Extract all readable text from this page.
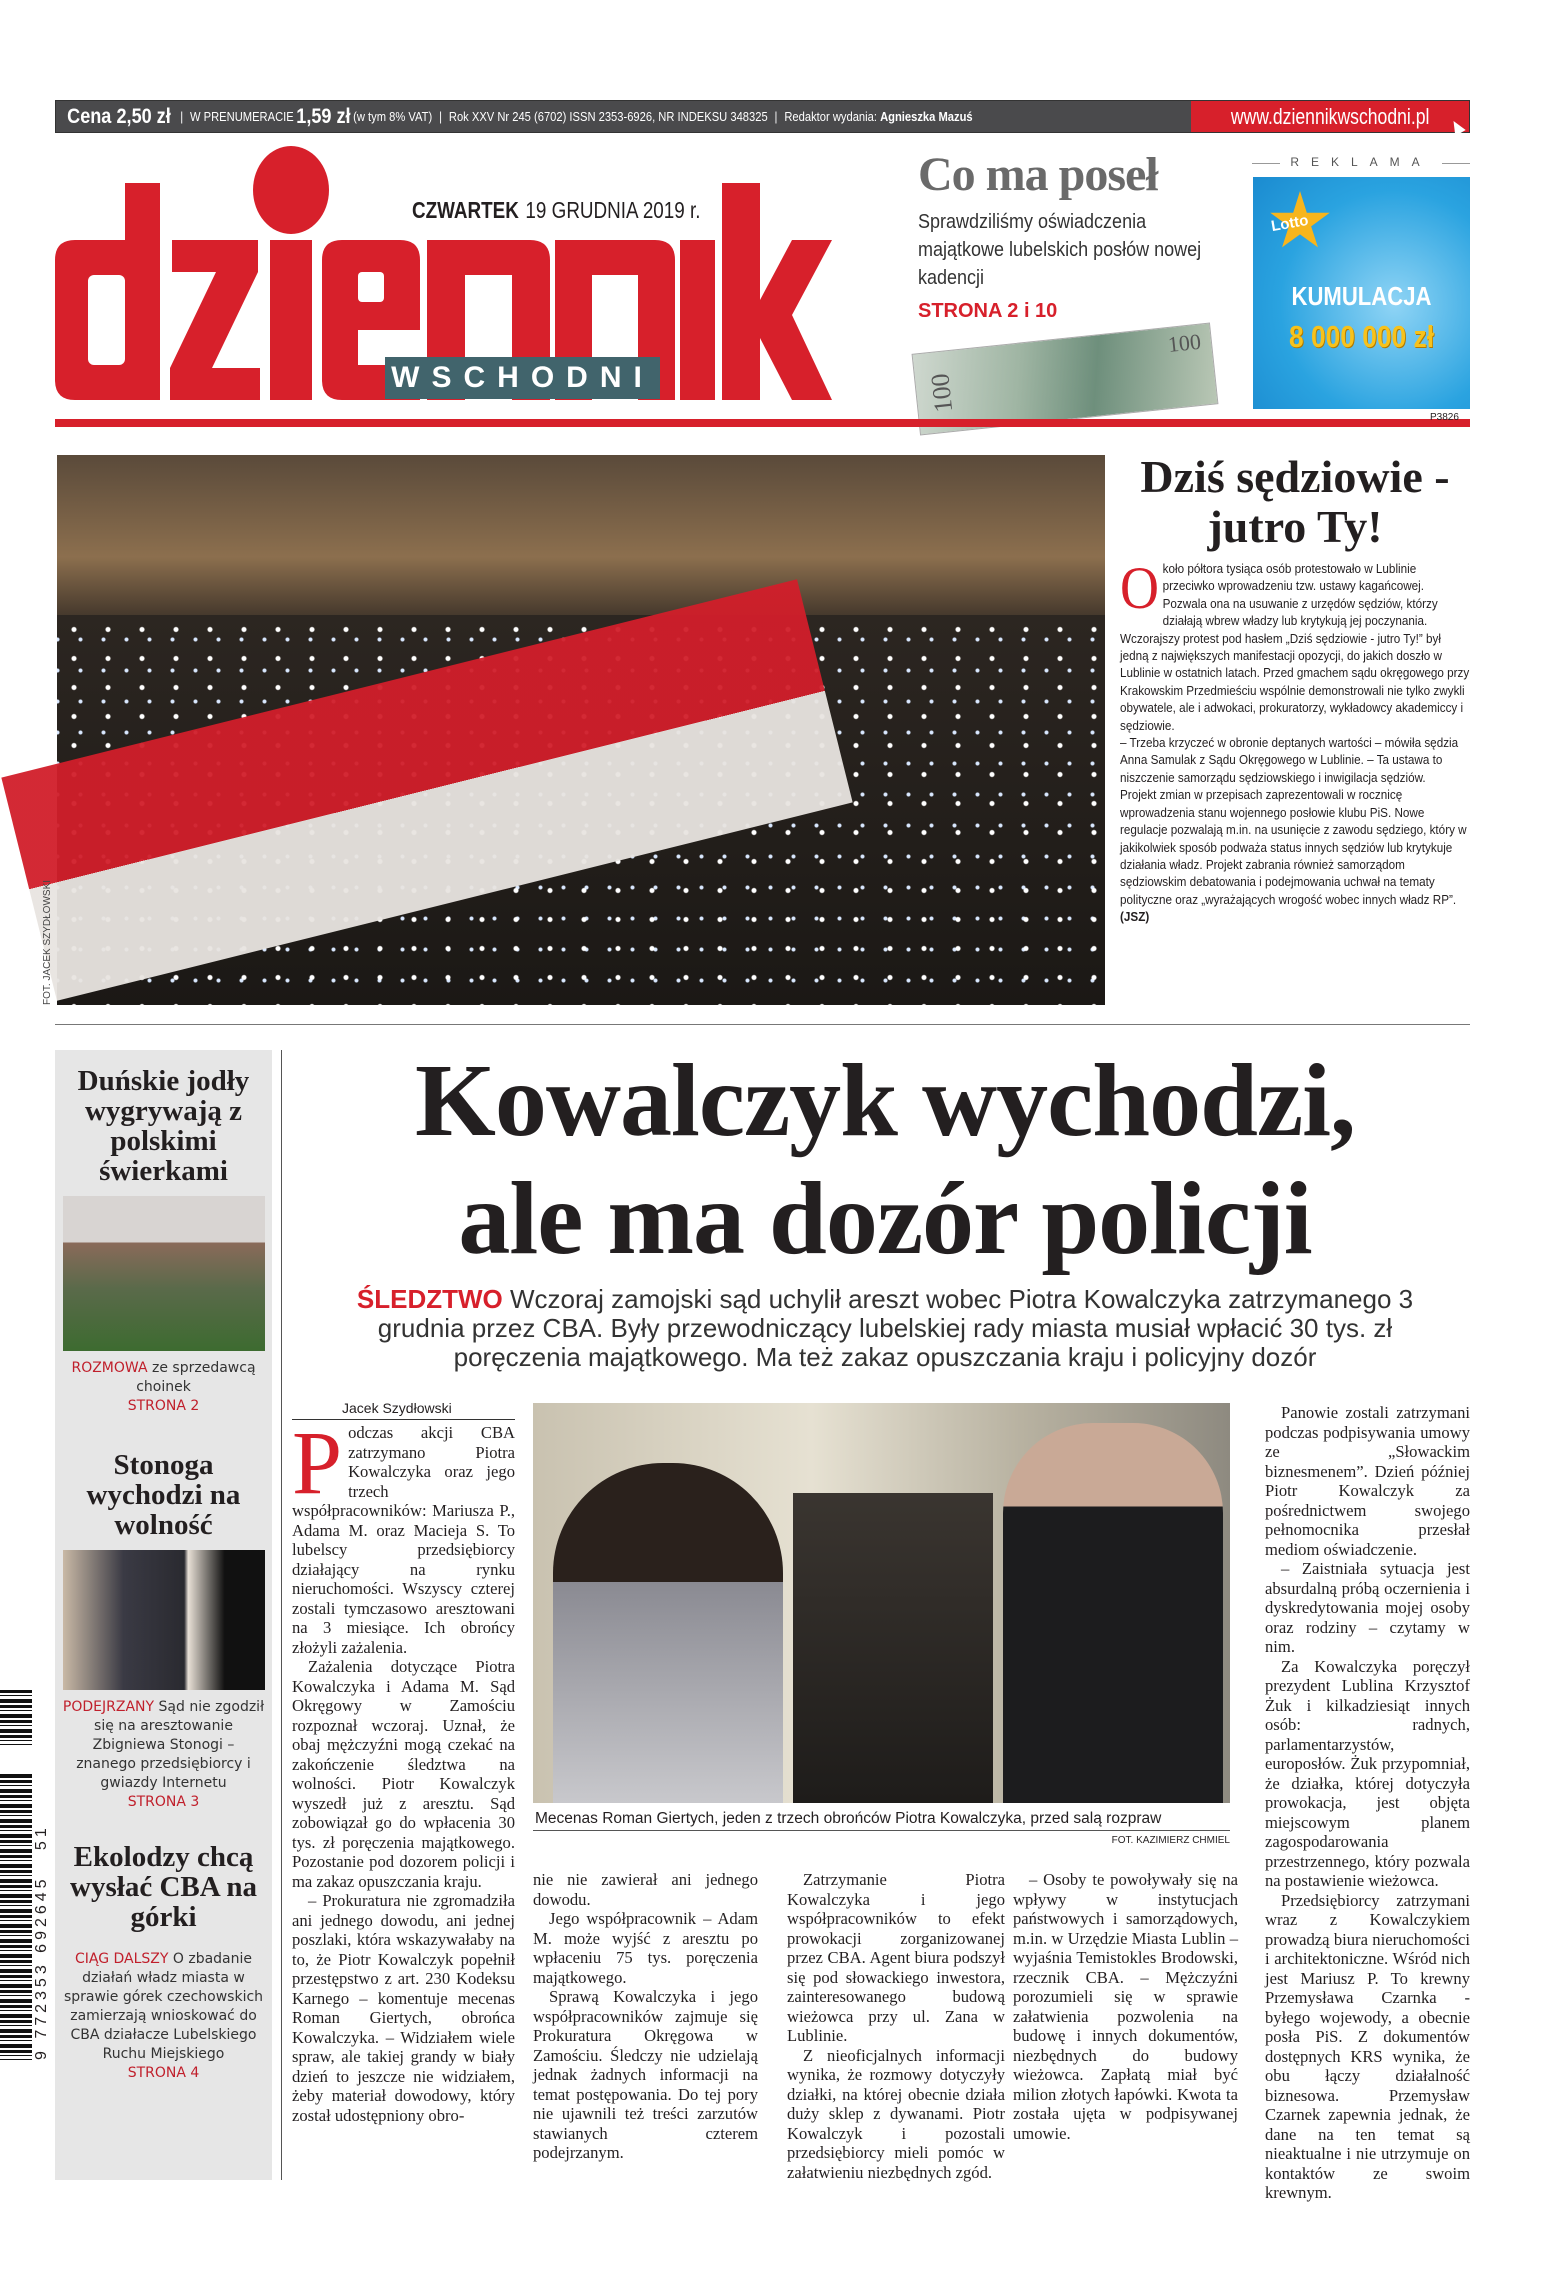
Cena 2,50 zł | W PRENUMERACIE 1,59 zł (w tym 8% VAT) | Rok XXV Nr 245 (6702) ISSN 2353-6926, NR INDEKSU 348325 | Redaktor wydania:
Agnieszka Mazuś	www.dziennikwschodni.pl
WSCHODNI
CZWARTEK 19 GRUDNIA 2019 r.
Co ma poseł

Sprawdziliśmy oświadczenia majątkowe lubelskich posłów nowej kadencji

STRONA 2 i 10
100
100
REKLAMA
Lotto
KUMULACJA
8 000 000 zł
P3826
FOT. JACEK SZYDŁOWSKI
Dziś sędziowie - jutro Ty!

Około półtora tysiąca osób protestowało w Lublinie przeciwko wprowadzeniu tzw. ustawy kagańcowej. Pozwala ona na usuwanie z urzędów sędziów, którzy działają wbrew władzy lub krytykują jej poczynania.

Wczorajszy protest pod hasłem „Dziś sędziowie - jutro Ty!” był jedną z największych manifestacji opozycji, do jakich doszło w Lublinie w ostatnich latach. Przed gmachem sądu okręgowego przy Krakowskim Przedmieściu wspólnie demonstrowali nie tylko zwykli obywatele, ale i adwokaci, prokuratorzy, wykładowcy akademiccy i sędziowie.

– Trzeba krzyczeć w obronie deptanych wartości – mówiła sędzia Anna Samulak z Sądu Okręgowego w Lublinie. – Ta ustawa to niszczenie samorządu sędziowskiego i inwigilacja sędziów.

Projekt zmian w przepisach zaprezentowali w rocznicę wprowadzenia stanu wojennego posłowie klubu PiS. Nowe regulacje pozwalają m.in. na usunięcie z zawodu sędziego, który w jakikolwiek sposób podważa status innych sędziów lub krytykuje działania władz. Projekt zabrania również samorządom sędziowskim debatowania i podejmowania uchwał na tematy polityczne oraz „wyrażających wrogość wobec innych władz RP”. (JSZ)

Duńskie jodły wygrywają z polskimi świerkami

ROZMOWA ze sprzedawcą choinek
STRONA 2

Stonoga wychodzi na wolność

PODEJRZANY Sąd nie zgodził się na aresztowanie Zbigniewa Stonogi – znanego przedsiębiorcy i gwiazdy Internetu
STRONA 3

Ekolodzy chcą wysłać CBA na górki

CIĄG DALSZY O zbadanie działań władz miasta w sprawie górek czechowskich zamierzają wnioskować do CBA działacze Lubelskiego Ruchu Miejskiego
STRONA 4

Kowalczyk wychodzi,
ale ma dozór policji
ŚLEDZTWO Wczoraj zamojski sąd uchylił areszt wobec Piotra Kowalczyka zatrzymanego 3 grudnia przez CBA. Były przewodniczący lubelskiej rady miasta musiał wpłacić 30 tys. zł poręczenia majątkowego. Ma też zakaz opuszczania kraju i policyjny dozór
Jacek Szydłowski

Podczas akcji CBA zatrzymano Piotra Kowalczyka oraz jego trzech współpracowników: Mariusza P., Adama M. oraz Macieja S. To lubelscy przedsiębiorcy działający na rynku nieruchomości. Wszyscy czterej zostali tymczasowo aresztowani na 3 miesiące. Ich obrońcy złożyli zażalenia.

Zażalenia dotyczące Piotra Kowalczyka i Adama M. Sąd Okręgowy w Zamościu rozpoznał wczoraj. Uznał, że obaj mężczyźni mogą czekać na zakończenie śledztwa na wolności. Piotr Kowalczyk wyszedł już z aresztu. Sąd zobowiązał go do wpłacenia 30 tys. zł poręczenia majątkowego. Pozostanie pod dozorem policji i ma zakaz opuszczania kraju.

– Prokuratura nie zgromadziła ani jednego dowodu, ani jednej poszlaki, która wskazywałaby na to, że Piotr Kowalczyk popełnił przestępstwo z art. 230 Kodeksu Karnego – komentuje mecenas Roman Giertych, obrońca Kowalczyka. – Widziałem wiele spraw, ale takiej grandy w biały dzień to jeszcze nie widziałem, żeby materiał dowodowy, który został udostępniony obro-

Mecenas Roman Giertych, jeden z trzech obrońców Piotra Kowalczyka, przed salą rozpraw
FOT. KAZIMIERZ CHMIEL

nie nie zawierał ani jednego dowodu.

Jego współpracownik – Adam M. może wyjść z aresztu po wpłaceniu 75 tys. poręczenia majątkowego.

Sprawą Kowalczyka i jego współpracowników zajmuje się Prokuratura Okręgowa w Zamościu. Śledczy nie udzielają jednak żadnych informacji na temat postępowania. Do tej pory nie ujawnili też treści zarzutów stawianych czterem podejrzanym.

Zatrzymanie Piotra Kowalczyka i jego współpracowników to efekt prowokacji zorganizowanej przez CBA. Agent biura podszył się pod słowackiego inwestora, zainteresowanego budową wieżowca przy ul. Zana w Lublinie.

Z nieoficjalnych informacji wynika, że rozmowy dotyczyły działki, na której obecnie działa duży sklep z dywanami. Piotr Kowalczyk i pozostali przedsiębiorcy mieli pomóc w załatwieniu niezbędnych zgód.

– Osoby te powoływały się na wpływy w instytucjach państwowych i samorządowych, m.in. w Urzędzie Miasta Lublin – wyjaśnia Temistokles Brodowski, rzecznik CBA. – Mężczyźni porozumieli się w sprawie załatwienia pozwolenia na budowę i innych dokumentów, niezbędnych do budowy wieżowca. Zapłatą miał być milion złotych łapówki. Kwota ta została ujęta w podpisywanej umowie.

Panowie zostali zatrzymani podczas podpisywania umowy ze „Słowackim biznesmenem”. Dzień później Piotr Kowalczyk za pośrednictwem swojego pełnomocnika przesłał mediom oświadczenie.

– Zaistniała sytuacja jest absurdalną próbą oczernienia i dyskredytowania mojej osoby oraz rodziny – czytamy w nim.

Za Kowalczyka poręczył prezydent Lublina Krzysztof Żuk i kilkadziesiąt innych osób: radnych, parlamentarzystów, europosłów. Żuk przypomniał, że działka, której dotyczyła prowokacja, jest objęta miejscowym planem zagospodarowania przestrzennego, który pozwala na postawienie wieżowca.

Przedsiębiorcy zatrzymani wraz z Kowalczykiem prowadzą biura nieruchomości i architektoniczne. Wśród nich jest Mariusz P. To krewny Przemysława Czarnka - byłego wojewody, a obecnie posła PiS. Z dokumentów dostępnych KRS wynika, że obu łączy działalność biznesowa. Przemysław Czarnek zapewnia jednak, że dane na ten temat są nieaktualne i nie utrzymuje on kontaktów ze swoim krewnym.

9 772353 692645   51
